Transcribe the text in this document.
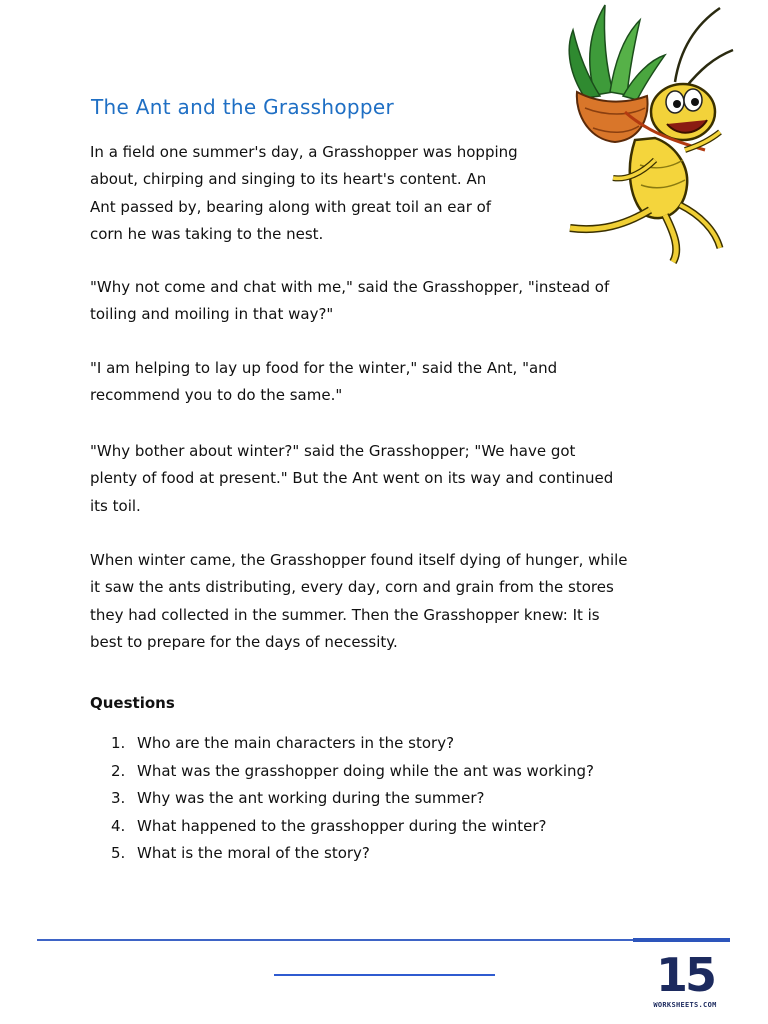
The Ant and the Grasshopper

In a field one summer's day, a Grasshopper was hopping
about, chirping and singing to its heart's content. An
Ant passed by, bearing along with great toil an ear of
corn he was taking to the nest.

"Why not come and chat with me," said the Grasshopper, "instead of
toiling and moiling in that way?"

"I am helping to lay up food for the winter," said the Ant, "and
recommend you to do the same."

"Why bother about winter?" said the Grasshopper; "We have got
plenty of food at present." But the Ant went on its way and continued
its toil.

When winter came, the Grasshopper found itself dying of hunger, while
it saw the ants distributing, every day, corn and grain from the stores
they had collected in the summer. Then the Grasshopper knew: It is
best to prepare for the days of necessity.

Questions
1. Who are the main characters in the story?
2. What was the grasshopper doing while the ant was working?
3. Why was the ant working during the summer?
4. What happened to the grasshopper during the winter?
5. What is the moral of the story?
15
WORKSHEETS.COM
